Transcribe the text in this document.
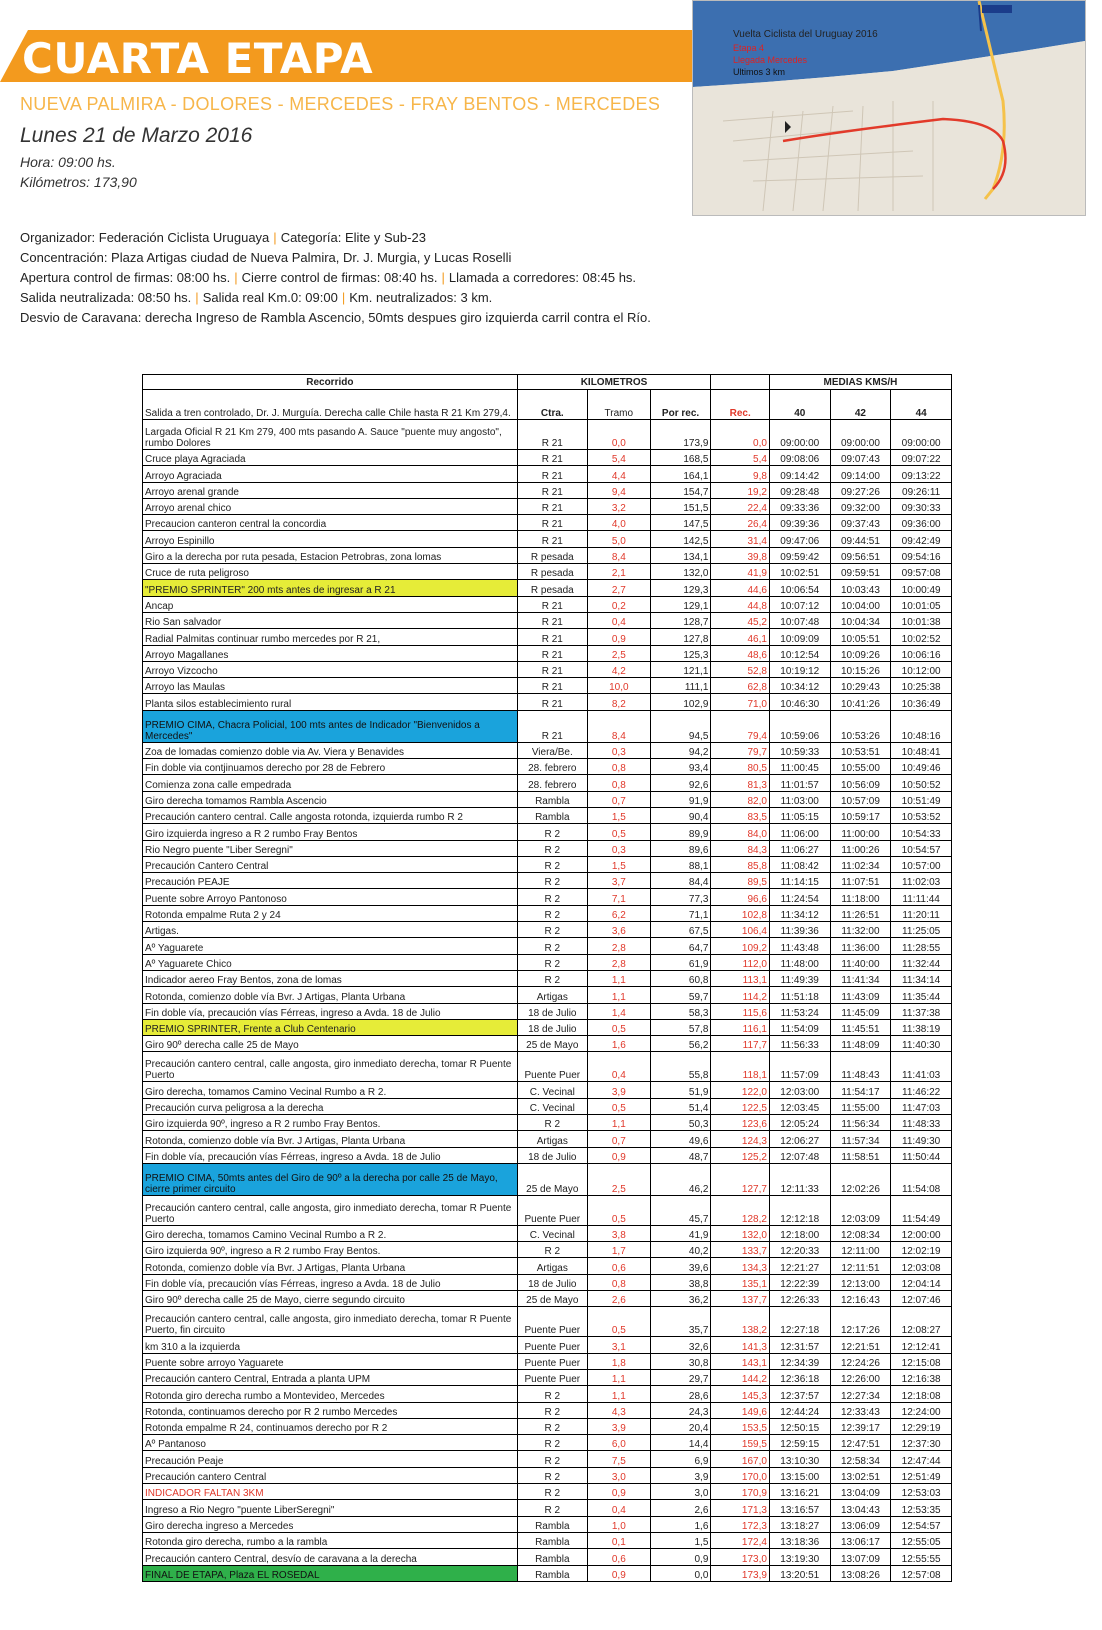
CUARTA ETAPA
NUEVA PALMIRA - DOLORES - MERCEDES - FRAY BENTOS - MERCEDES
Lunes 21 de Marzo 2016
Hora: 09:00 hs.
Kilómetros: 173,90
Vuelta Ciclista del Uruguay 2016
Etapa 4
Llegada Mercedes
Ultimos 3 km
Organizador: Federación Ciclista Uruguaya | Categoría: Elite y Sub-23
Concentración: Plaza Artigas ciudad de Nueva Palmira, Dr. J. Murgia, y Lucas Roselli
Apertura control de firmas: 08:00 hs. | Cierre control de firmas: 08:40 hs. | Llamada a corredores: 08:45 hs.
Salida neutralizada: 08:50 hs. | Salida real Km.0: 09:00 | Km. neutralizados: 3 km.
Desvio de Caravana: derecha Ingreso de Rambla Ascencio, 50mts despues giro izquierda carril contra el Río.
Recorrido	KILOMETROS				MEDIAS KMS/H		
Salida a tren controlado, Dr. J. Murguía. Derecha calle Chile hasta R 21 Km 279,4.	Ctra.	Tramo	Por rec.	Rec.	40	42	44
Largada Oficial R 21 Km 279, 400 mts pasando A. Sauce "puente muy angosto", rumbo Dolores	R 21	0,0	173,9	0,0	09:00:00	09:00:00	09:00:00
Cruce playa Agraciada	R 21	5,4	168,5	5,4	09:08:06	09:07:43	09:07:22
Arroyo Agraciada	R 21	4,4	164,1	9,8	09:14:42	09:14:00	09:13:22
Arroyo arenal grande	R 21	9,4	154,7	19,2	09:28:48	09:27:26	09:26:11
Arroyo arenal chico	R 21	3,2	151,5	22,4	09:33:36	09:32:00	09:30:33
Precaucion canteron central la concordia	R 21	4,0	147,5	26,4	09:39:36	09:37:43	09:36:00
Arroyo Espinillo	R 21	5,0	142,5	31,4	09:47:06	09:44:51	09:42:49
Giro a la derecha por ruta pesada, Estacion Petrobras, zona lomas	R pesada	8,4	134,1	39,8	09:59:42	09:56:51	09:54:16
Cruce de ruta peligroso	R pesada	2,1	132,0	41,9	10:02:51	09:59:51	09:57:08
"PREMIO SPRINTER" 200 mts antes de ingresar a R 21	R pesada	2,7	129,3	44,6	10:06:54	10:03:43	10:00:49
Ancap	R 21	0,2	129,1	44,8	10:07:12	10:04:00	10:01:05
Rio San salvador	R 21	0,4	128,7	45,2	10:07:48	10:04:34	10:01:38
Radial Palmitas continuar rumbo mercedes por R 21,	R 21	0,9	127,8	46,1	10:09:09	10:05:51	10:02:52
Arroyo Magallanes	R 21	2,5	125,3	48,6	10:12:54	10:09:26	10:06:16
Arroyo Vizcocho	R 21	4,2	121,1	52,8	10:19:12	10:15:26	10:12:00
Arroyo las Maulas	R 21	10,0	111,1	62,8	10:34:12	10:29:43	10:25:38
Planta silos establecimiento rural	R 21	8,2	102,9	71,0	10:46:30	10:41:26	10:36:49
PREMIO CIMA, Chacra Policial, 100 mts antes de Indicador "Bienvenidos a Mercedes"	R 21	8,4	94,5	79,4	10:59:06	10:53:26	10:48:16
Zoa de lomadas comienzo doble via Av. Viera y Benavides	Viera/Be.	0,3	94,2	79,7	10:59:33	10:53:51	10:48:41
Fin doble via contjinuamos derecho por 28 de Febrero	28. febrero	0,8	93,4	80,5	11:00:45	10:55:00	10:49:46
Comienza zona calle empedrada	28. febrero	0,8	92,6	81,3	11:01:57	10:56:09	10:50:52
Giro derecha tomamos Rambla Ascencio	Rambla	0,7	91,9	82,0	11:03:00	10:57:09	10:51:49
Precaución cantero central. Calle angosta rotonda, izquierda rumbo R 2	Rambla	1,5	90,4	83,5	11:05:15	10:59:17	10:53:52
Giro izquierda ingreso a R 2 rumbo Fray Bentos	R 2	0,5	89,9	84,0	11:06:00	11:00:00	10:54:33
Rio Negro puente "Liber Seregni"	R 2	0,3	89,6	84,3	11:06:27	11:00:26	10:54:57
Precaución Cantero Central	R 2	1,5	88,1	85,8	11:08:42	11:02:34	10:57:00
Precaución PEAJE	R 2	3,7	84,4	89,5	11:14:15	11:07:51	11:02:03
Puente sobre Arroyo Pantonoso	R 2	7,1	77,3	96,6	11:24:54	11:18:00	11:11:44
Rotonda empalme Ruta 2 y 24	R 2	6,2	71,1	102,8	11:34:12	11:26:51	11:20:11
Artigas.	R 2	3,6	67,5	106,4	11:39:36	11:32:00	11:25:05
Aº Yaguarete	R 2	2,8	64,7	109,2	11:43:48	11:36:00	11:28:55
Aº Yaguarete Chico	R 2	2,8	61,9	112,0	11:48:00	11:40:00	11:32:44
Indicador aereo Fray Bentos, zona de lomas	R 2	1,1	60,8	113,1	11:49:39	11:41:34	11:34:14
Rotonda, comienzo doble vía Bvr. J Artigas, Planta Urbana	Artigas	1,1	59,7	114,2	11:51:18	11:43:09	11:35:44
Fin doble vía, precaución vías Férreas, ingreso a Avda. 18 de Julio	18 de Julio	1,4	58,3	115,6	11:53:24	11:45:09	11:37:38
PREMIO SPRINTER, Frente a Club Centenario	18 de Julio	0,5	57,8	116,1	11:54:09	11:45:51	11:38:19
Giro 90º derecha calle 25 de Mayo	25 de Mayo	1,6	56,2	117,7	11:56:33	11:48:09	11:40:30
Precaución cantero central, calle angosta, giro inmediato derecha, tomar R Puente Puerto	Puente Puer	0,4	55,8	118,1	11:57:09	11:48:43	11:41:03
Giro derecha, tomamos Camino Vecinal Rumbo a R 2.	C. Vecinal	3,9	51,9	122,0	12:03:00	11:54:17	11:46:22
Precaución curva peligrosa a la derecha	C. Vecinal	0,5	51,4	122,5	12:03:45	11:55:00	11:47:03
Giro izquierda 90º, ingreso a R 2 rumbo Fray Bentos.	R 2	1,1	50,3	123,6	12:05:24	11:56:34	11:48:33
Rotonda, comienzo doble vía Bvr. J Artigas, Planta Urbana	Artigas	0,7	49,6	124,3	12:06:27	11:57:34	11:49:30
Fin doble vía, precaución vías Férreas, ingreso a Avda. 18 de Julio	18 de Julio	0,9	48,7	125,2	12:07:48	11:58:51	11:50:44
PREMIO CIMA, 50mts antes del Giro de 90º a la derecha por calle 25 de Mayo, cierre primer circuito	25 de Mayo	2,5	46,2	127,7	12:11:33	12:02:26	11:54:08
Precaución cantero central, calle angosta, giro inmediato derecha, tomar R Puente Puerto	Puente Puer	0,5	45,7	128,2	12:12:18	12:03:09	11:54:49
Giro derecha, tomamos Camino Vecinal Rumbo a R 2.	C. Vecinal	3,8	41,9	132,0	12:18:00	12:08:34	12:00:00
Giro izquierda 90º, ingreso a R 2 rumbo Fray Bentos.	R 2	1,7	40,2	133,7	12:20:33	12:11:00	12:02:19
Rotonda, comienzo doble vía Bvr. J Artigas, Planta Urbana	Artigas	0,6	39,6	134,3	12:21:27	12:11:51	12:03:08
Fin doble vía, precaución vías Férreas, ingreso a Avda. 18 de Julio	18 de Julio	0,8	38,8	135,1	12:22:39	12:13:00	12:04:14
Giro 90º derecha calle 25 de Mayo, cierre segundo circuito	25 de Mayo	2,6	36,2	137,7	12:26:33	12:16:43	12:07:46
Precaución cantero central, calle angosta, giro inmediato derecha, tomar R Puente Puerto, fin circuito	Puente Puer	0,5	35,7	138,2	12:27:18	12:17:26	12:08:27
km 310 a la izquierda	Puente Puer	3,1	32,6	141,3	12:31:57	12:21:51	12:12:41
Puente sobre arroyo Yaguarete	Puente Puer	1,8	30,8	143,1	12:34:39	12:24:26	12:15:08
Precaución cantero Central, Entrada a planta UPM	Puente Puer	1,1	29,7	144,2	12:36:18	12:26:00	12:16:38
Rotonda giro derecha rumbo a Montevideo, Mercedes	R 2	1,1	28,6	145,3	12:37:57	12:27:34	12:18:08
Rotonda, continuamos derecho por R 2 rumbo Mercedes	R 2	4,3	24,3	149,6	12:44:24	12:33:43	12:24:00
Rotonda empalme R 24, continuamos derecho por R 2	R 2	3,9	20,4	153,5	12:50:15	12:39:17	12:29:19
Aº Pantanoso	R 2	6,0	14,4	159,5	12:59:15	12:47:51	12:37:30
Precaución Peaje	R 2	7,5	6,9	167,0	13:10:30	12:58:34	12:47:44
Precaución cantero Central	R 2	3,0	3,9	170,0	13:15:00	13:02:51	12:51:49
INDICADOR FALTAN 3KM	R 2	0,9	3,0	170,9	13:16:21	13:04:09	12:53:03
Ingreso a Rio Negro "puente LiberSeregni"	R 2	0,4	2,6	171,3	13:16:57	13:04:43	12:53:35
Giro derecha ingreso a Mercedes	Rambla	1,0	1,6	172,3	13:18:27	13:06:09	12:54:57
Rotonda giro derecha, rumbo a la rambla	Rambla	0,1	1,5	172,4	13:18:36	13:06:17	12:55:05
Precaución cantero Central, desvío de caravana a la derecha	Rambla	0,6	0,9	173,0	13:19:30	13:07:09	12:55:55
FINAL DE ETAPA, Plaza EL ROSEDAL	Rambla	0,9	0,0	173,9	13:20:51	13:08:26	12:57:08
